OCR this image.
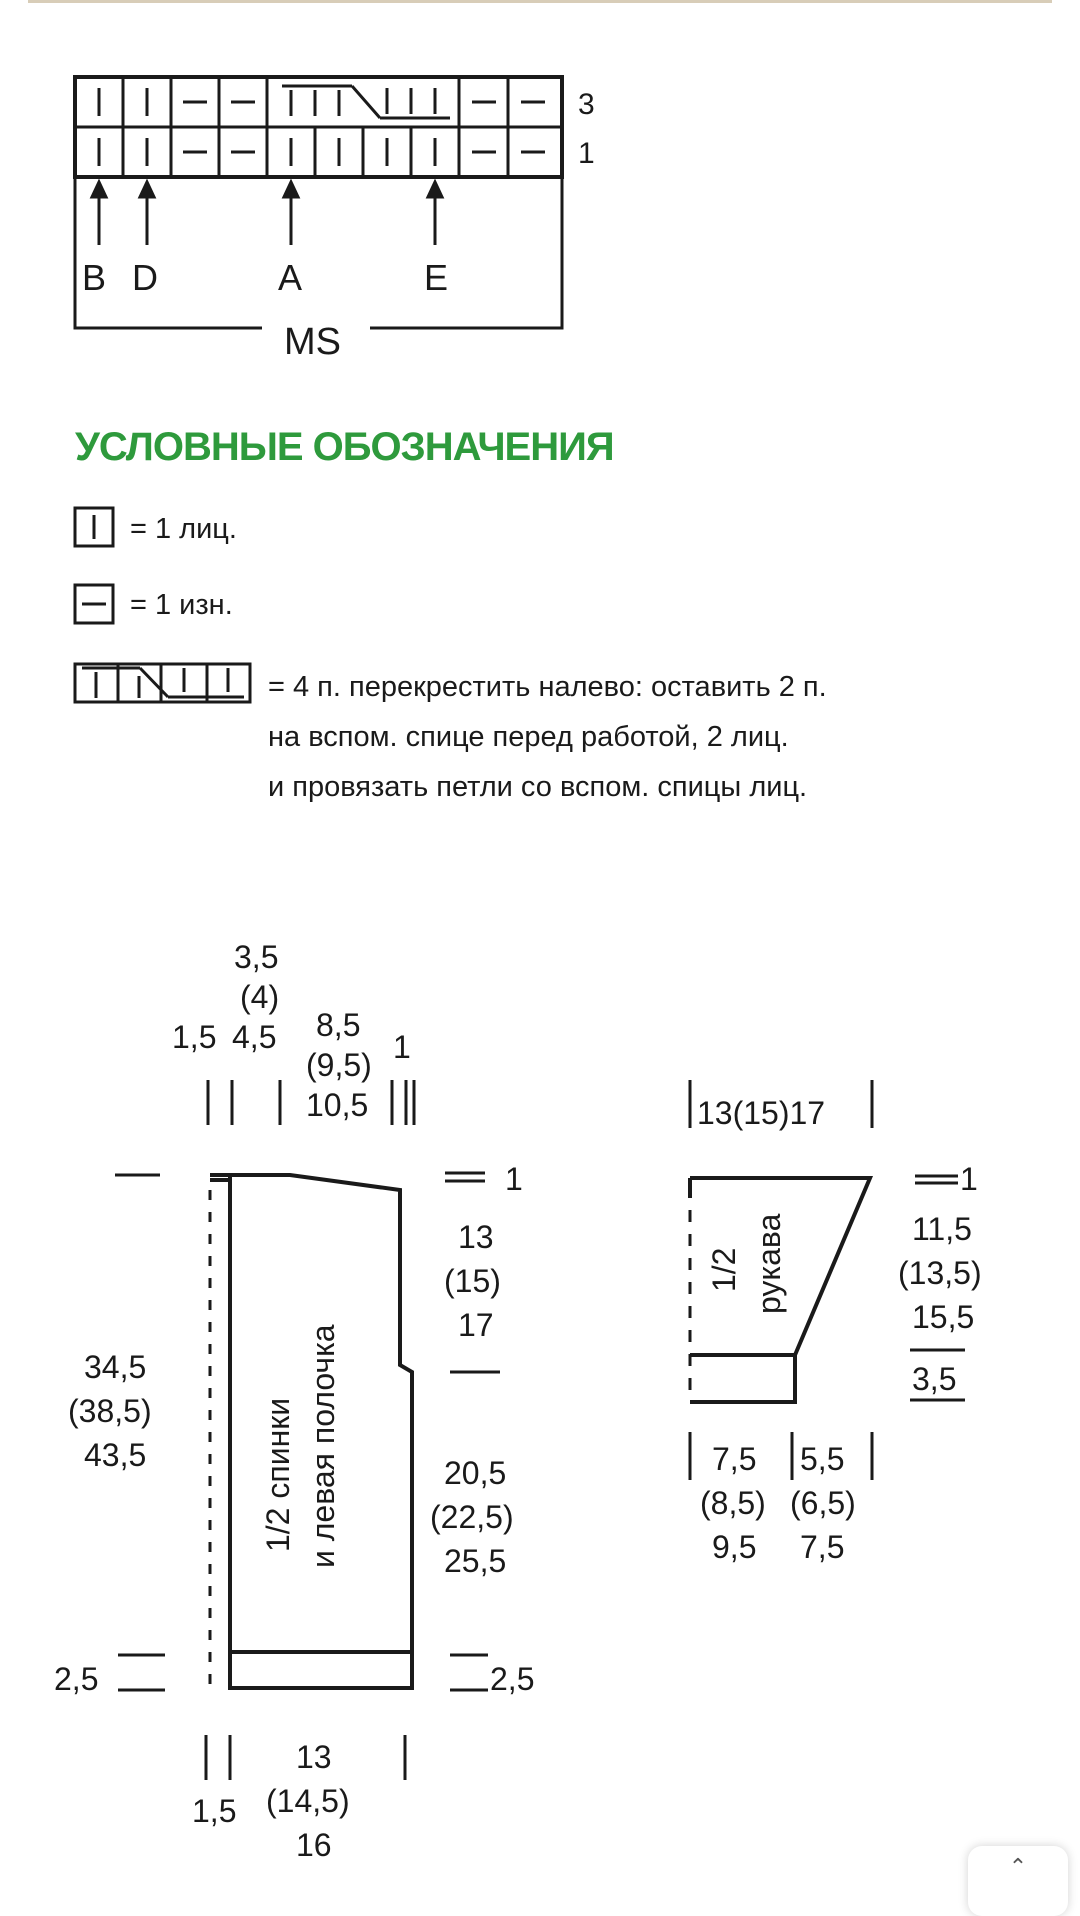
3
1
B D	A	E
MS
УСЛОВНЫЕ ОБОЗНАЧЕНИЯ
= 1 лиц.
= 1 изн.
= 4 п. перекрестить налево: оставить 2 п.
на вспом. спице перед работой, 2 лиц.
и провязать петли со вспом. спицы лиц.
3,5
(4)
4,5
1,5	8,5
(9,5)
10,5
1
1/2 спинки и левая полочка
1
13
(15)
17
34,5
(38,5)
43,5	20,5
(22,5)
25,5
2,5	2,5
13
(14,5)
16
1,5
13(15)17
1/2 рукава
1
11,5
(13,5)
15,5
3,5
7,5
(8,5)
9,5
5,5
(6,5)
7,5
⌃
